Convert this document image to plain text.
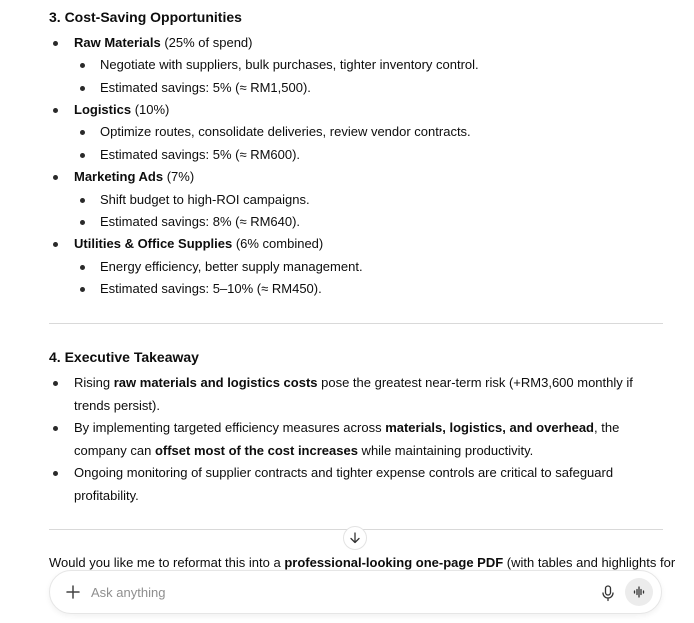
3. Cost-Saving Opportunities
Raw Materials (25% of spend)
Negotiate with suppliers, bulk purchases, tighter inventory control.
Estimated savings: 5% (≈ RM1,500).
Logistics (10%)
Optimize routes, consolidate deliveries, review vendor contracts.
Estimated savings: 5% (≈ RM600).
Marketing Ads (7%)
Shift budget to high-ROI campaigns.
Estimated savings: 8% (≈ RM640).
Utilities & Office Supplies (6% combined)
Energy efficiency, better supply management.
Estimated savings: 5–10% (≈ RM450).
4. Executive Takeaway
Rising raw materials and logistics costs pose the greatest near-term risk (+RM3,600 monthly if trends persist).
By implementing targeted efficiency measures across materials, logistics, and overhead, the company can offset most of the cost increases while maintaining productivity.
Ongoing monitoring of supplier contracts and tighter expense controls are critical to safeguard profitability.
Would you like me to reformat this into a professional-looking one-page PDF (with tables and highlights for
Ask anything
